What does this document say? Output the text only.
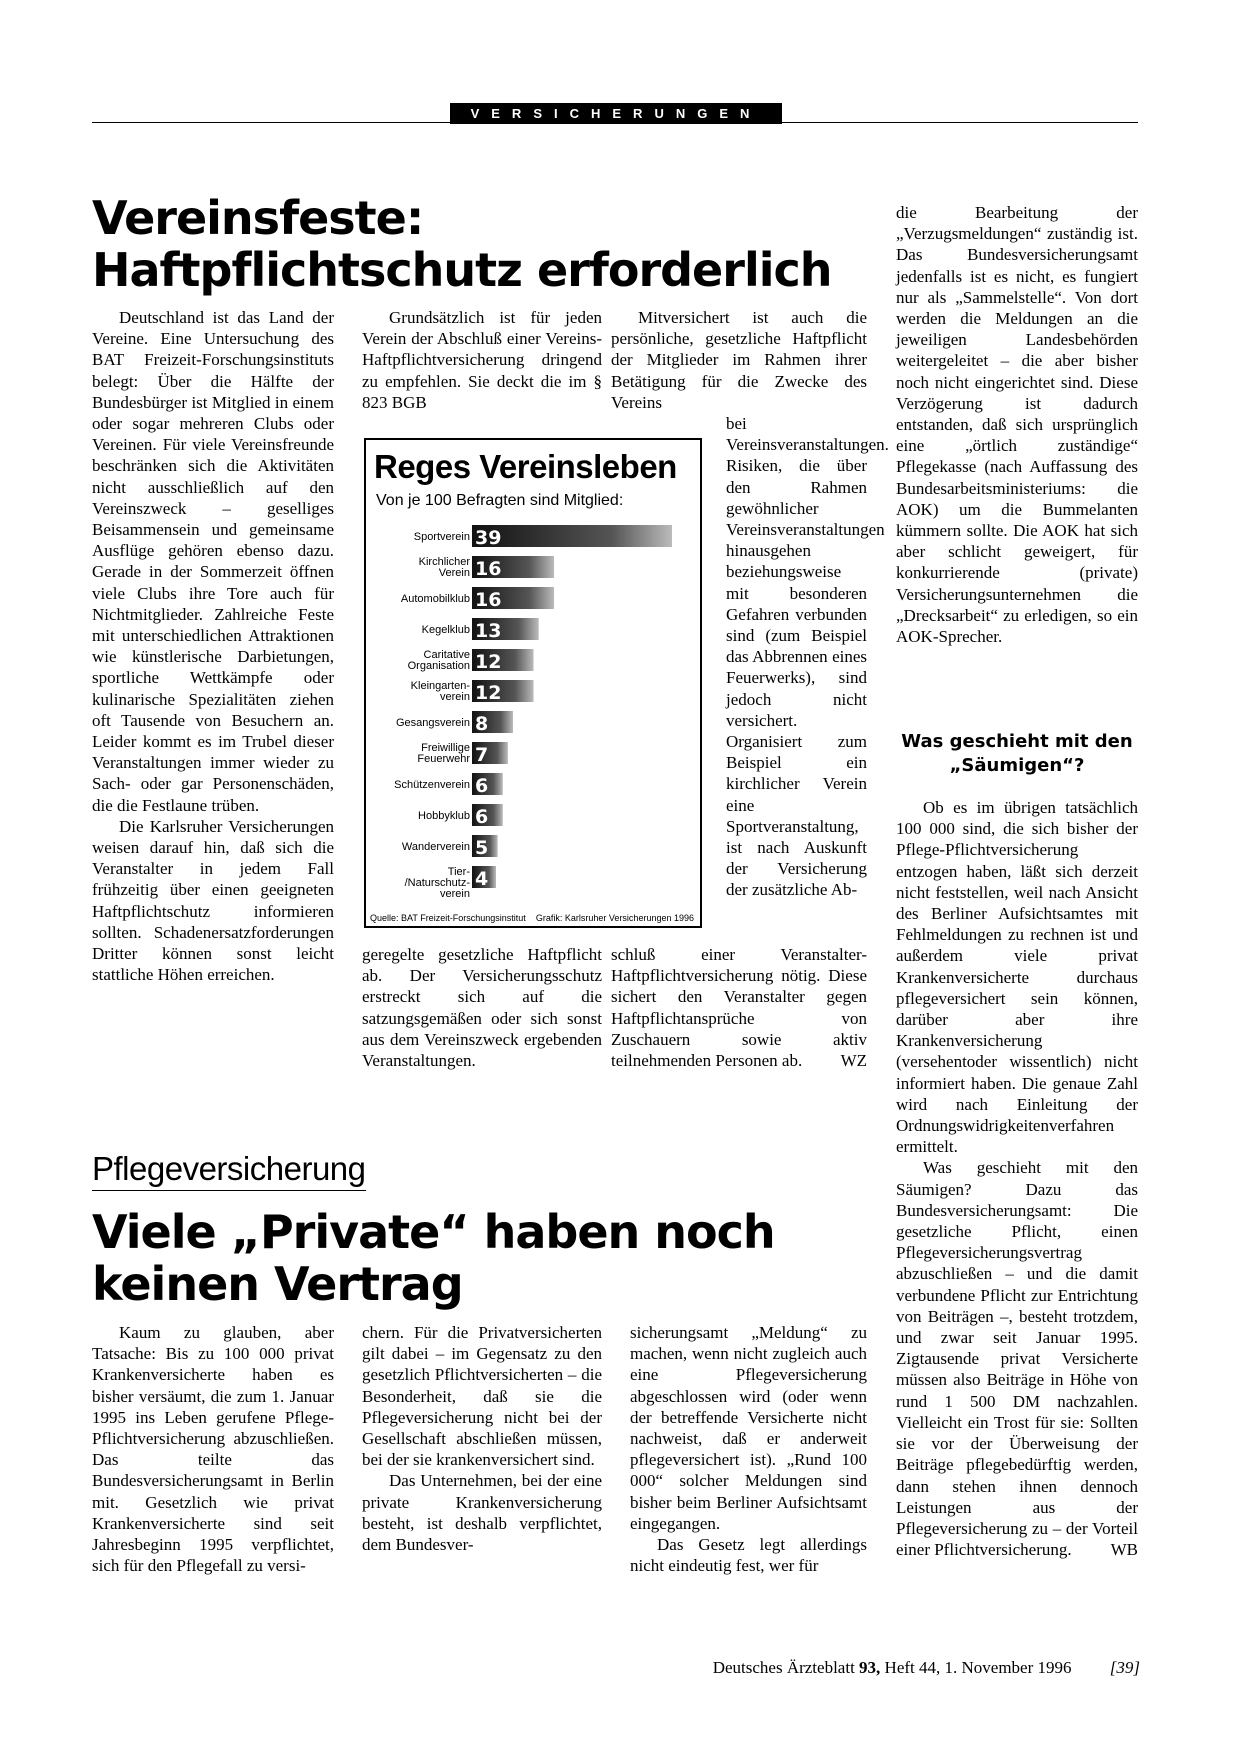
VERSICHERUNGEN
Vereinsfeste:
Haftpflichtschutz erforderlich

Deutschland ist das Land der Vereine. Eine Untersuchung des BAT Freizeit-Forschungsinstituts belegt: Über die Hälfte der Bundesbürger ist Mitglied in einem oder sogar mehreren Clubs oder Vereinen. Für viele Vereinsfreunde beschränken sich die Aktivitäten nicht ausschließlich auf den Vereinszweck – geselliges Beisammensein und gemeinsame Ausflüge gehören ebenso dazu. Gerade in der Sommerzeit öffnen viele Clubs ihre Tore auch für Nichtmitglieder. Zahlreiche Feste mit unterschiedlichen Attraktionen wie künstlerische Darbietungen, sportliche Wettkämpfe oder kulinarische Spezialitäten ziehen oft Tausende von Besuchern an. Leider kommt es im Trubel dieser Veranstaltungen immer wieder zu Sach- oder gar Personenschäden, die die Festlaune trüben.

Die Karlsruher Versicherungen weisen darauf hin, daß sich die Veranstalter in jedem Fall frühzeitig über einen geeigneten Haftpflichtschutz informieren sollten. Schadenersatzforderungen Dritter können sonst leicht stattliche Höhen erreichen.

Grundsätzlich ist für jeden Verein der Abschluß einer Vereins-Haftpflichtversicherung dringend zu empfehlen. Sie deckt die im § 823 BGB

Reges Vereinsleben
Von je 100 Befragten sind Mitglied:
Sportverein 39
Kirchlicher Verein 16
Automobilklub 16
Kegelklub 13
Caritative Organisation 12
Kleingarten-verein 12
Gesangsverein 8
Freiwillige Feuerwehr 7
Schützenverein 6
Hobbyklub 6
Wanderverein 5
Tier-/Naturschutz-verein
4
Quelle: BAT Freizeit-Forschungsinstitut Grafik: Karlsruher Versicherungen 1996

geregelte gesetzliche Haftpflicht ab. Der Versicherungsschutz erstreckt sich auf die satzungsgemäßen oder sich sonst aus dem Vereinszweck ergebenden Veranstaltungen.

Mitversichert ist auch die persönliche, gesetzliche Haftpflicht der Mitglieder im Rahmen ihrer Betätigung für die Zwecke des Vereins

bei Vereinsveranstaltungen. Risiken, die über den Rahmen gewöhnlicher Vereinsveranstaltungen hinausgehen beziehungsweise mit besonderen Gefahren verbunden sind (zum Beispiel das Abbrennen eines Feuerwerks), sind jedoch nicht versichert. Organisiert zum Beispiel ein kirchlicher Verein eine Sportveranstaltung, ist nach Auskunft der Versicherung der zusätzliche Ab-

schluß einer Veranstalter-Haftpflichtversicherung nötig. Diese sichert den Veranstalter gegen Haftpflichtansprüche von Zuschauern sowie aktiv teilnehmenden Personen ab.	WZ

die Bearbeitung der „Verzugsmeldungen“ zuständig ist. Das Bundesversicherungsamt jedenfalls ist es nicht, es fungiert nur als „Sammelstelle“. Von dort werden die Meldungen an die jeweiligen Landesbehörden weitergeleitet – die aber bisher noch nicht eingerichtet sind. Diese Verzögerung ist dadurch entstanden, daß sich ursprünglich eine „örtlich zuständige“ Pflegekasse (nach Auffassung des Bundesarbeitsministeriums: die AOK) um die Bummelanten kümmern sollte. Die AOK hat sich aber schlicht geweigert, für konkurrierende (private) Versicherungsunternehmen die „Drecksarbeit“ zu erledigen, so ein AOK-Sprecher.

Was geschieht mit den „Säumigen“?

Ob es im übrigen tatsächlich 100 000 sind, die sich bisher der Pflege-Pflichtversicherung entzogen haben, läßt sich derzeit nicht feststellen, weil nach Ansicht des Berliner Aufsichtsamtes mit Fehlmeldungen zu rechnen ist und außerdem viele privat Krankenversicherte durchaus pflegeversichert sein können, darüber aber ihre Krankenversicherung (versehentoder wissentlich) nicht informiert haben. Die genaue Zahl wird nach Einleitung der Ordnungswidrigkeitenverfahren ermittelt.

Was geschieht mit den Säumigen? Dazu das Bundesversicherungsamt: Die gesetzliche Pflicht, einen Pflegeversicherungsvertrag abzuschließen – und die damit verbundene Pflicht zur Entrichtung von Beiträgen –, besteht trotzdem, und zwar seit Januar 1995. Zigtausende privat Versicherte müssen also Beiträge in Höhe von rund 1 500 DM nachzahlen. Vielleicht ein Trost für sie: Sollten sie vor der Überweisung der Beiträge pflegebedürftig werden, dann stehen ihnen dennoch Leistungen aus der Pflegeversicherung zu – der Vorteil einer Pflichtversicherung.	WB
Pflegeversicherung
Viele „Private“ haben noch
keinen Vertrag

Kaum zu glauben, aber Tatsache: Bis zu 100 000 privat Krankenversicherte haben es bisher versäumt, die zum 1. Januar 1995 ins Leben gerufene Pflege-Pflichtversicherung abzuschließen. Das teilte das Bundesversicherungsamt in Berlin mit. Gesetzlich wie privat Krankenversicherte sind seit Jahresbeginn 1995 verpflichtet, sich für den Pflegefall zu versi-

chern. Für die Privatversicherten gilt dabei – im Gegensatz zu den gesetzlich Pflichtversicherten – die Besonderheit, daß sie die Pflegeversicherung nicht bei der Gesellschaft abschließen müssen, bei der sie krankenversichert sind.

Das Unternehmen, bei der eine private Krankenversicherung besteht, ist deshalb verpflichtet, dem Bundesver-

sicherungsamt „Meldung“ zu machen, wenn nicht zugleich auch eine Pflegeversicherung abgeschlossen wird (oder wenn der betreffende Versicherte nicht nachweist, daß er anderweit pflegeversichert ist). „Rund 100 000“ solcher Meldungen sind bisher beim Berliner Aufsichtsamt eingegangen.

Das Gesetz legt allerdings nicht eindeutig fest, wer für

Deutsches Ärzteblatt 93, Heft 44, 1. November 1996 [39]
